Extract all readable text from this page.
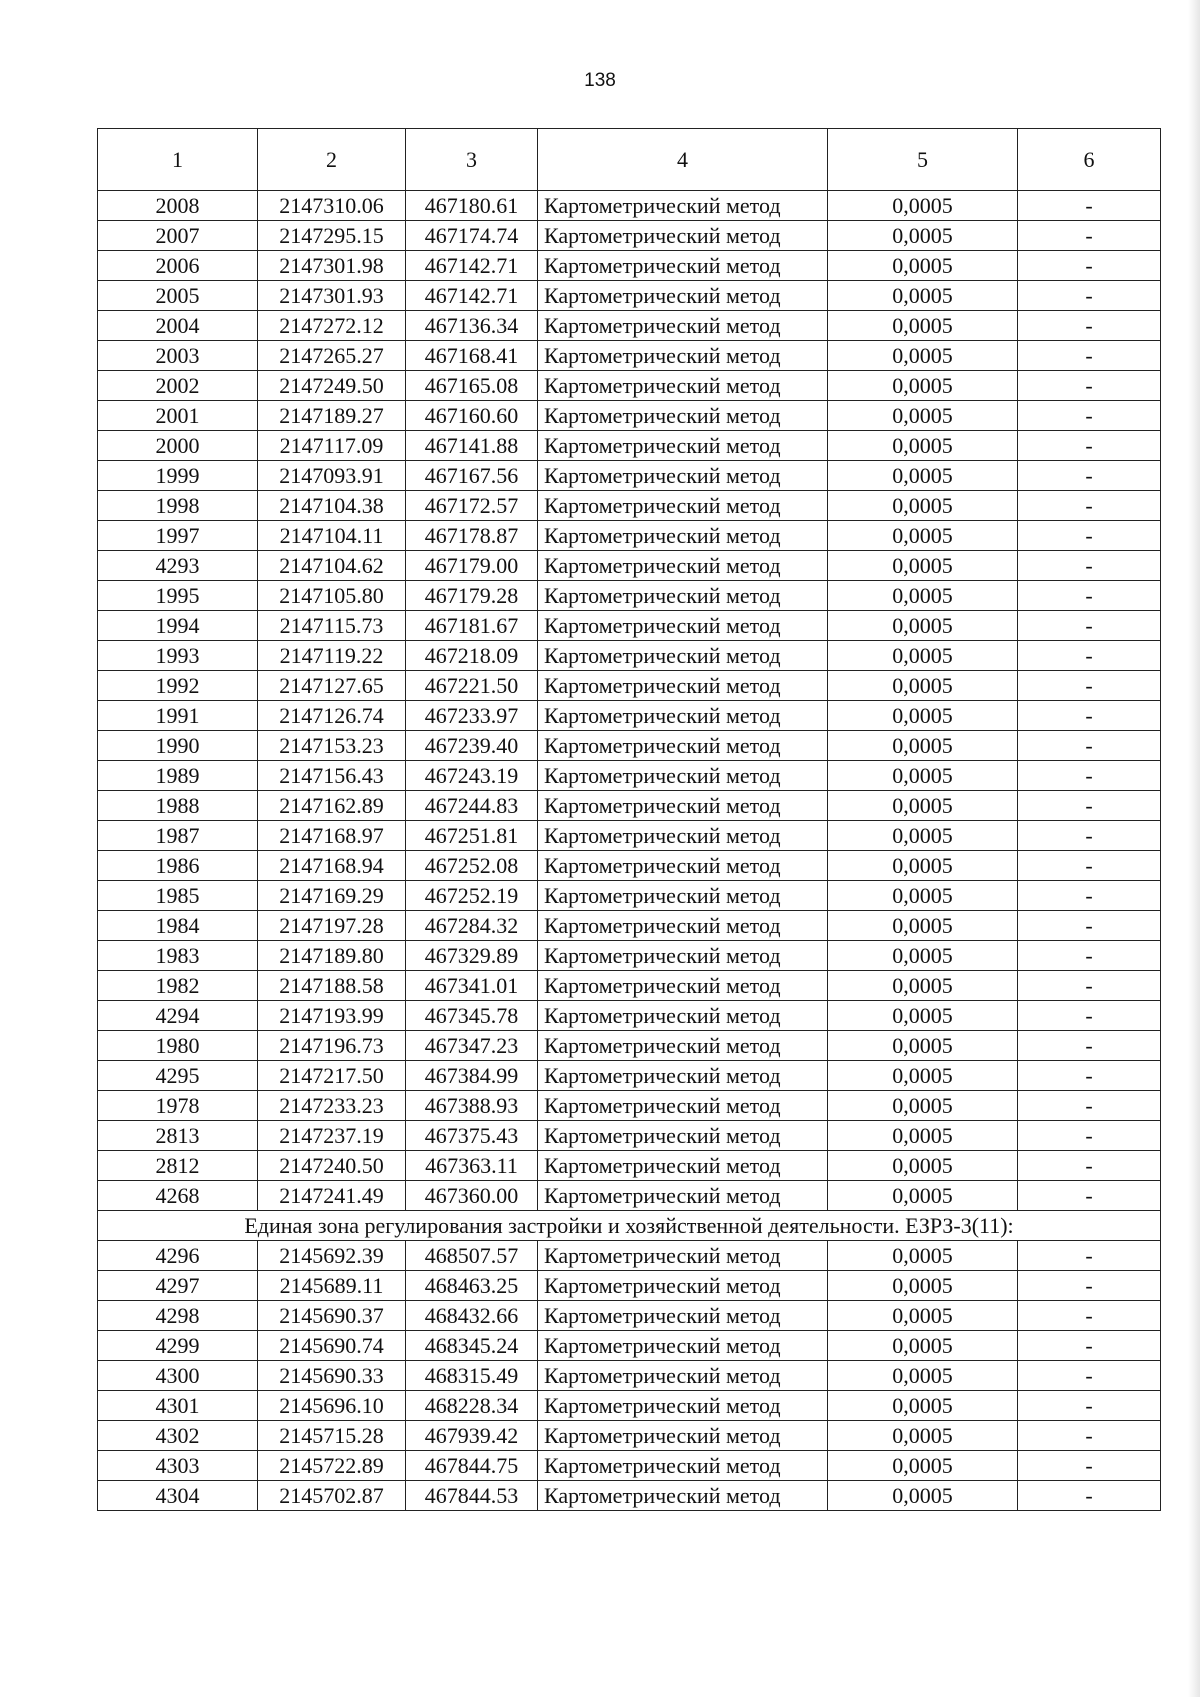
138
1	2	3	4	5	6
2008	2147310.06	467180.61	Картометрический метод	0,0005	-
2007	2147295.15	467174.74	Картометрический метод	0,0005	-
2006	2147301.98	467142.71	Картометрический метод	0,0005	-
2005	2147301.93	467142.71	Картометрический метод	0,0005	-
2004	2147272.12	467136.34	Картометрический метод	0,0005	-
2003	2147265.27	467168.41	Картометрический метод	0,0005	-
2002	2147249.50	467165.08	Картометрический метод	0,0005	-
2001	2147189.27	467160.60	Картометрический метод	0,0005	-
2000	2147117.09	467141.88	Картометрический метод	0,0005	-
1999	2147093.91	467167.56	Картометрический метод	0,0005	-
1998	2147104.38	467172.57	Картометрический метод	0,0005	-
1997	2147104.11	467178.87	Картометрический метод	0,0005	-
4293	2147104.62	467179.00	Картометрический метод	0,0005	-
1995	2147105.80	467179.28	Картометрический метод	0,0005	-
1994	2147115.73	467181.67	Картометрический метод	0,0005	-
1993	2147119.22	467218.09	Картометрический метод	0,0005	-
1992	2147127.65	467221.50	Картометрический метод	0,0005	-
1991	2147126.74	467233.97	Картометрический метод	0,0005	-
1990	2147153.23	467239.40	Картометрический метод	0,0005	-
1989	2147156.43	467243.19	Картометрический метод	0,0005	-
1988	2147162.89	467244.83	Картометрический метод	0,0005	-
1987	2147168.97	467251.81	Картометрический метод	0,0005	-
1986	2147168.94	467252.08	Картометрический метод	0,0005	-
1985	2147169.29	467252.19	Картометрический метод	0,0005	-
1984	2147197.28	467284.32	Картометрический метод	0,0005	-
1983	2147189.80	467329.89	Картометрический метод	0,0005	-
1982	2147188.58	467341.01	Картометрический метод	0,0005	-
4294	2147193.99	467345.78	Картометрический метод	0,0005	-
1980	2147196.73	467347.23	Картометрический метод	0,0005	-
4295	2147217.50	467384.99	Картометрический метод	0,0005	-
1978	2147233.23	467388.93	Картометрический метод	0,0005	-
2813	2147237.19	467375.43	Картометрический метод	0,0005	-
2812	2147240.50	467363.11	Картометрический метод	0,0005	-
4268	2147241.49	467360.00	Картометрический метод	0,0005	-
Единая зона регулирования застройки и хозяйственной деятельности. ЕЗРЗ-3(11):					
4296	2145692.39	468507.57	Картометрический метод	0,0005	-
4297	2145689.11	468463.25	Картометрический метод	0,0005	-
4298	2145690.37	468432.66	Картометрический метод	0,0005	-
4299	2145690.74	468345.24	Картометрический метод	0,0005	-
4300	2145690.33	468315.49	Картометрический метод	0,0005	-
4301	2145696.10	468228.34	Картометрический метод	0,0005	-
4302	2145715.28	467939.42	Картометрический метод	0,0005	-
4303	2145722.89	467844.75	Картометрический метод	0,0005	-
4304	2145702.87	467844.53	Картометрический метод	0,0005	-
